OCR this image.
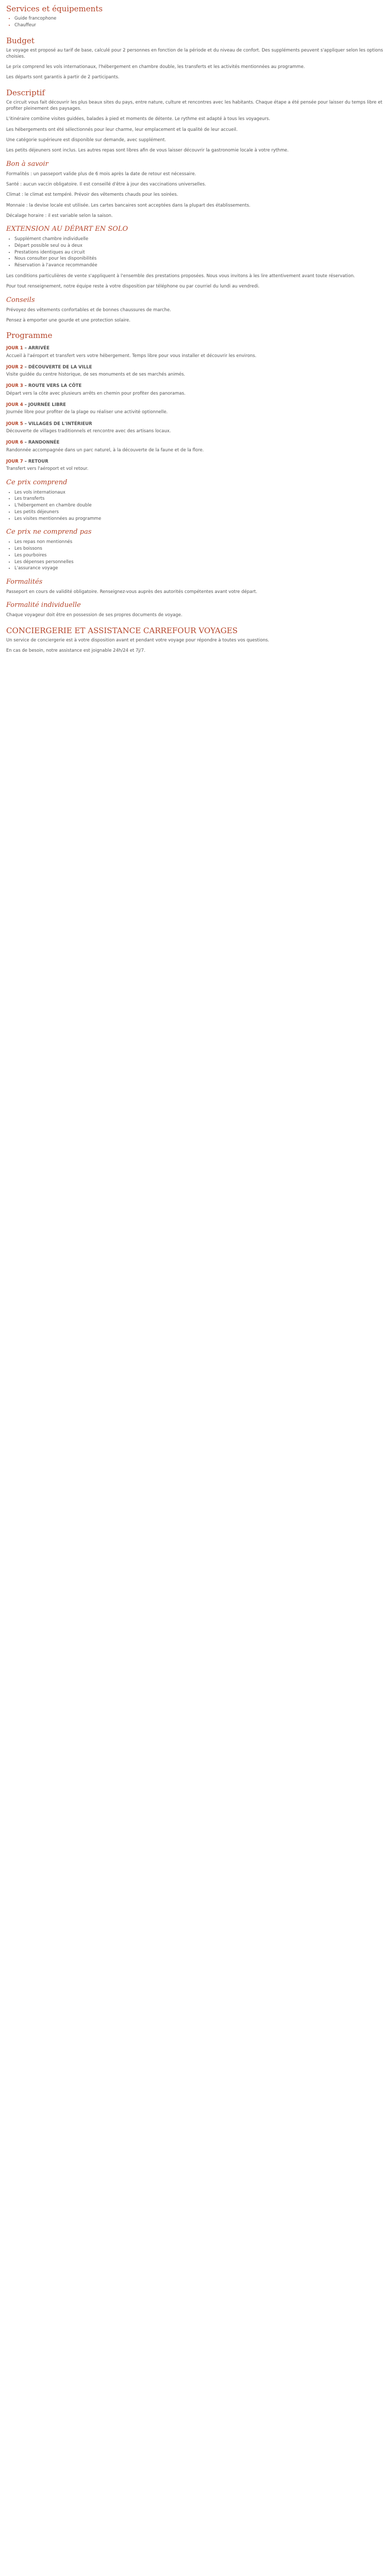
Services et équipements
• Guide francophone
• Chauffeur
Budget

Le voyage est proposé au tarif de base, calculé pour 2 personnes en fonction de la période et du niveau de confort. Des suppléments peuvent s'appliquer selon les options choisies.

Le prix comprend les vols internationaux, l'hébergement en chambre double, les transferts et les activités mentionnées au programme.

Les départs sont garantis à partir de 2 participants.

Descriptif

Ce circuit vous fait découvrir les plus beaux sites du pays, entre nature, culture et rencontres avec les habitants. Chaque étape a été pensée pour laisser du temps libre et profiter pleinement des paysages.

L'itinéraire combine visites guidées, balades à pied et moments de détente. Le rythme est adapté à tous les voyageurs.

Les hébergements ont été sélectionnés pour leur charme, leur emplacement et la qualité de leur accueil.

Une catégorie supérieure est disponible sur demande, avec supplément.

Les petits déjeuners sont inclus. Les autres repas sont libres afin de vous laisser découvrir la gastronomie locale à votre rythme.

Bon à savoir

Formalités : un passeport valide plus de 6 mois après la date de retour est nécessaire.

Santé : aucun vaccin obligatoire. Il est conseillé d'être à jour des vaccinations universelles.

Climat : le climat est tempéré. Prévoir des vêtements chauds pour les soirées.

Monnaie : la devise locale est utilisée. Les cartes bancaires sont acceptées dans la plupart des établissements.

Décalage horaire : il est variable selon la saison.

EXTENSION AU DÉPART EN SOLO
• Supplément chambre individuelle
• Départ possible seul ou à deux
• Prestations identiques au circuit
• Nous consulter pour les disponibilités
• Réservation à l'avance recommandée

Les conditions particulières de vente s'appliquent à l'ensemble des prestations proposées. Nous vous invitons à les lire attentivement avant toute réservation.

Pour tout renseignement, notre équipe reste à votre disposition par téléphone ou par courriel du lundi au vendredi.

Conseils

Prévoyez des vêtements confortables et de bonnes chaussures de marche.

Pensez à emporter une gourde et une protection solaire.

Programme
JOUR 1 – ARRIVÉE

Accueil à l'aéroport et transfert vers votre hébergement. Temps libre pour vous installer et découvrir les environs.

JOUR 2 – DÉCOUVERTE DE LA VILLE

Visite guidée du centre historique, de ses monuments et de ses marchés animés.

JOUR 3 – ROUTE VERS LA CÔTE

Départ vers la côte avec plusieurs arrêts en chemin pour profiter des panoramas.

JOUR 4 – JOURNÉE LIBRE

Journée libre pour profiter de la plage ou réaliser une activité optionnelle.

JOUR 5 – VILLAGES DE L'INTÉRIEUR

Découverte de villages traditionnels et rencontre avec des artisans locaux.

JOUR 6 – RANDONNÉE

Randonnée accompagnée dans un parc naturel, à la découverte de la faune et de la flore.

JOUR 7 – RETOUR

Transfert vers l'aéroport et vol retour.

Ce prix comprend
• Les vols internationaux
• Les transferts
• L'hébergement en chambre double
• Les petits déjeuners
• Les visites mentionnées au programme
Ce prix ne comprend pas
• Les repas non mentionnés
• Les boissons
• Les pourboires
• Les dépenses personnelles
• L'assurance voyage
Formalités

Passeport en cours de validité obligatoire. Renseignez-vous auprès des autorités compétentes avant votre départ.

Formalité individuelle

Chaque voyageur doit être en possession de ses propres documents de voyage.

CONCIERGERIE ET ASSISTANCE CARREFOUR VOYAGES

Un service de conciergerie est à votre disposition avant et pendant votre voyage pour répondre à toutes vos questions.

En cas de besoin, notre assistance est joignable 24h/24 et 7j/7.
